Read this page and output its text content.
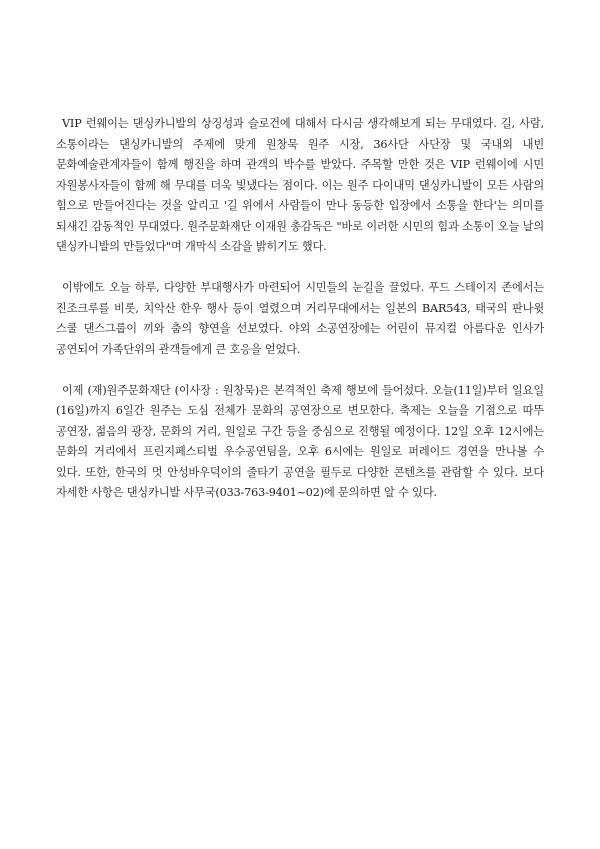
VIP 런웨이는 댄싱카니발의 상징성과 슬로건에 대해서 다시금 생각해보게 되는 무대였다. 길, 사람, 소통이라는 댄싱카니발의 주제에 맞게 원창묵 원주 시장, 36사단 사단장 및 국내외 내빈 문화예술관계자들이 함께 행진을 하며 관객의 박수를 받았다. 주목할 만한 것은 VIP 런웨이에 시민 자원봉사자들이 함께 해 무대를 더욱 빛냈다는 점이다. 이는 원주 다이내믹 댄싱카니발이 모든 사람의 힘으로 만들어진다는 것을 알리고 '길 위에서 사람들이 만나 동등한 입장에서 소통을 한다'는 의미를 되새긴 감동적인 무대였다. 원주문화재단 이재원 총감독은 "바로 이러한 시민의 힘과 소통이 오늘 날의 댄싱카니발의 만들었다"며 개막식 소감을 밝히기도 했다.

이밖에도 오늘 하루, 다양한 부대행사가 마련되어 시민들의 눈길을 끌었다. 푸드 스테이지 존에서는 진조크루를 비롯, 치악산 한우 행사 등이 열렸으며 거리무대에서는 일본의 BAR543, 태국의 판나윗 스쿨 댄스그룹이 끼와 춤의 향연을 선보였다. 야외 소공연장에는 어린이 뮤지컬 아름다운 인사가 공연되어 가족단위의 관객들에게 큰 호응을 얻었다.

이제 (재)원주문화재단 (이사장 : 원창묵)은 본격적인 축제 행보에 들어섰다. 오늘(11일)부터 일요일(16일)까지 6일간 원주는 도심 전체가 문화의 공연장으로 변모한다. 축제는 오늘을 기점으로 따뚜 공연장, 젊음의 광장, 문화의 거리, 원일로 구간 등을 중심으로 진행될 예정이다. 12일 오후 12시에는 문화의 거리에서 프린지페스티벌 우수공연팀을, 오후 6시에는 원일로 퍼레이드 경연을 만나볼 수 있다. 또한, 한국의 멋 안성바우덕이의 줄타기 공연을 필두로 다양한 콘텐츠를 관람할 수 있다. 보다 자세한 사항은 댄싱카니발 사무국(033-763-9401~02)에 문의하면 알 수 있다.
